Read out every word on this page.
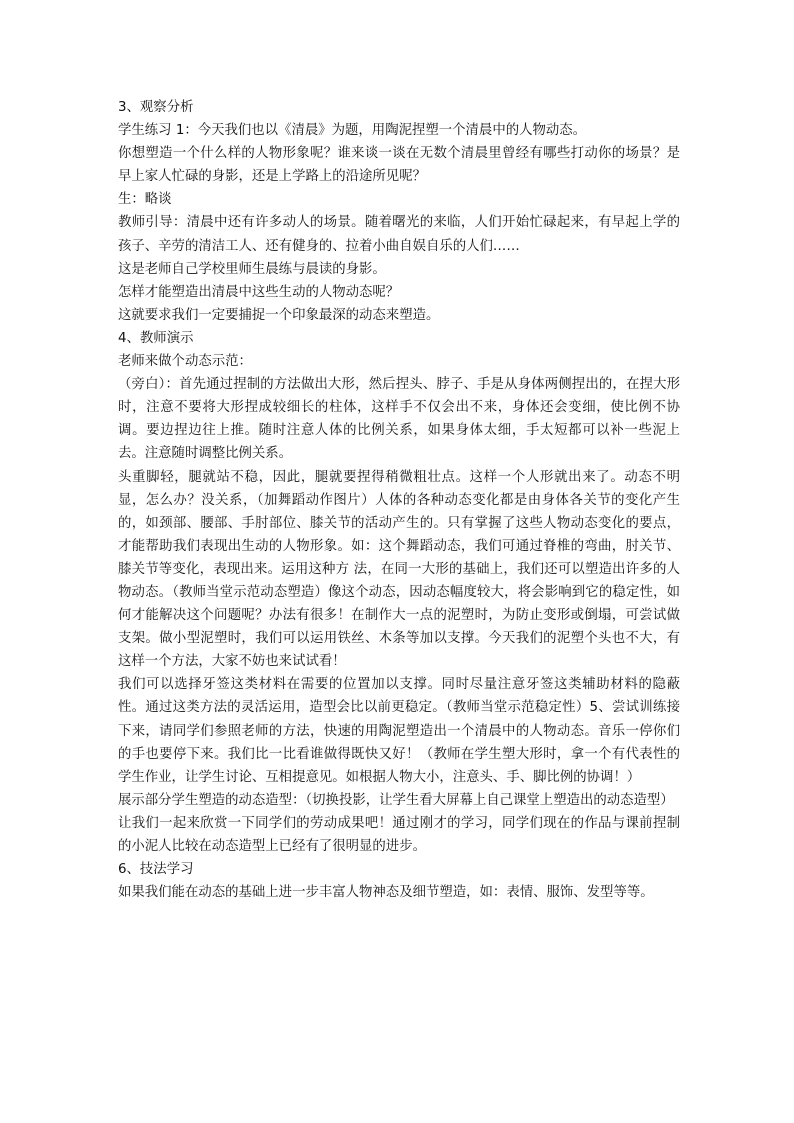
3、观察分析

学生练习 1：今天我们也以《清晨》为题，用陶泥捏塑一个清晨中的人物动态。

你想塑造一个什么样的人物形象呢？谁来谈一谈在无数个清晨里曾经有哪些打动你的场景？是早上家人忙碌的身影，还是上学路上的沿途所见呢？

生：略谈

教师引导：清晨中还有许多动人的场景。随着曙光的来临，人们开始忙碌起来，有早起上学的孩子、辛劳的清洁工人、还有健身的、拉着小曲自娱自乐的人们……

这是老师自己学校里师生晨练与晨读的身影。

怎样才能塑造出清晨中这些生动的人物动态呢？

这就要求我们一定要捕捉一个印象最深的动态来塑造。

4、教师演示

老师来做个动态示范：

（旁白）：首先通过捏制的方法做出大形，然后捏头、脖子、手是从身体两侧捏出的，在捏大形时，注意不要将大形捏成较细长的柱体，这样手不仅会出不来，身体还会变细，使比例不协调。要边捏边往上推。随时注意人体的比例关系，如果身体太细，手太短都可以补一些泥上去。注意随时调整比例关系。

头重脚轻，腿就站不稳，因此，腿就要捏得稍微粗壮点。这样一个人形就出来了。动态不明显，怎么办？没关系，（加舞蹈动作图片）人体的各种动态变化都是由身体各关节的变化产生的，如颈部、腰部、手肘部位、膝关节的活动产生的。只有掌握了这些人物动态变化的要点，才能帮助我们表现出生动的人物形象。如：这个舞蹈动态，我们可通过脊椎的弯曲，肘关节、膝关节等变化，表现出来。运用这种方 法，在同一大形的基础上，我们还可以塑造出许多的人物动态。（教师当堂示范动态塑造）像这个动态，因动态幅度较大，将会影响到它的稳定性，如何才能解决这个问题呢？办法有很多！在制作大一点的泥塑时，为防止变形或倒塌，可尝试做支架。做小型泥塑时，我们可以运用铁丝、木条等加以支撑。今天我们的泥塑个头也不大，有这样一个方法，大家不妨也来试试看！

我们可以选择牙签这类材料在需要的位置加以支撑。同时尽量注意牙签这类辅助材料的隐蔽性。通过这类方法的灵活运用，造型会比以前更稳定。（教师当堂示范稳定性）5、尝试训练接下来，请同学们参照老师的方法，快速的用陶泥塑造出一个清晨中的人物动态。音乐一停你们的手也要停下来。我们比一比看谁做得既快又好！（教师在学生塑大形时，拿一个有代表性的学生作业，让学生讨论、互相提意见。如根据人物大小，注意头、手、脚比例的协调！）

展示部分学生塑造的动态造型：（切换投影，让学生看大屏幕上自己课堂上塑造出的动态造型）

让我们一起来欣赏一下同学们的劳动成果吧！通过刚才的学习，同学们现在的作品与课前捏制的小泥人比较在动态造型上已经有了很明显的进步。

6、技法学习

如果我们能在动态的基础上进一步丰富人物神态及细节塑造，如：表情、服饰、发型等等。
